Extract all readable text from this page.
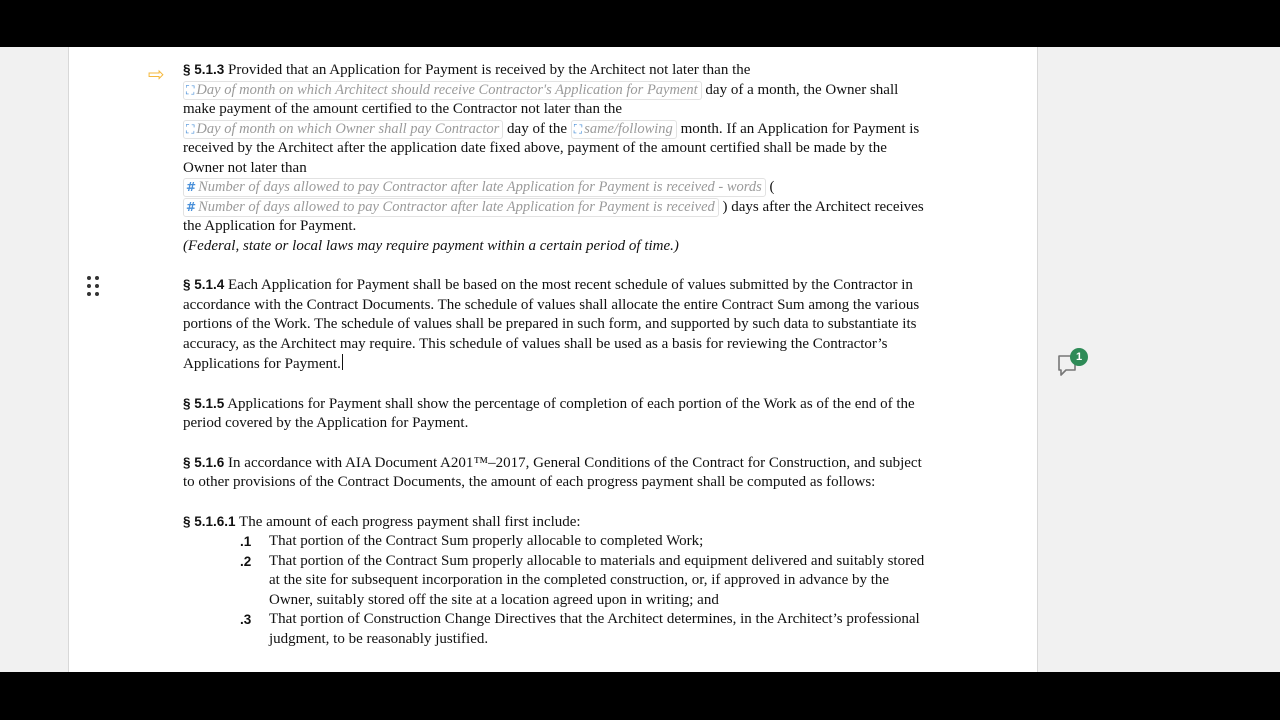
§ 5.1.3 Provided that an Application for Payment is received by the Architect not later than the
⛶ Day of month on which Architect should receive Contractor's Application for Payment day of a month, the Owner shall make payment of the amount certified to the Contractor not later than the
⛶ Day of month on which Owner shall pay Contractor day of the ⛶ same/following month. If an Application for Payment is received by the Architect after the application date fixed above, payment of the amount certified shall be made by the Owner not later than
# Number of days allowed to pay Contractor after late Application for Payment is received - words (
# Number of days allowed to pay Contractor after late Application for Payment is received ) days after the Architect receives the Application for Payment.
(Federal, state or local laws may require payment within a certain period of time.)

§ 5.1.4 Each Application for Payment shall be based on the most recent schedule of values submitted by the Contractor in accordance with the Contract Documents. The schedule of values shall allocate the entire Contract Sum among the various portions of the Work. The schedule of values shall be prepared in such form, and supported by such data to substantiate its accuracy, as the Architect may require. This schedule of values shall be used as a basis for reviewing the Contractor’s Applications for Payment.

§ 5.1.5 Applications for Payment shall show the percentage of completion of each portion of the Work as of the end of the period covered by the Application for Payment.

§ 5.1.6 In accordance with AIA Document A201™–2017, General Conditions of the Contract for Construction, and subject to other provisions of the Contract Documents, the amount of each progress payment shall be computed as follows:

§ 5.1.6.1 The amount of each progress payment shall first include:
.1 That portion of the Contract Sum properly allocable to completed Work;
.2 That portion of the Contract Sum properly allocable to materials and equipment delivered and suitably stored at the site for subsequent incorporation in the completed construction, or, if approved in advance by the Owner, suitably stored off the site at a location agreed upon in writing; and
.3 That portion of Construction Change Directives that the Architect determines, in the Architect’s professional judgment, to be reasonably justified.
⇨
1
